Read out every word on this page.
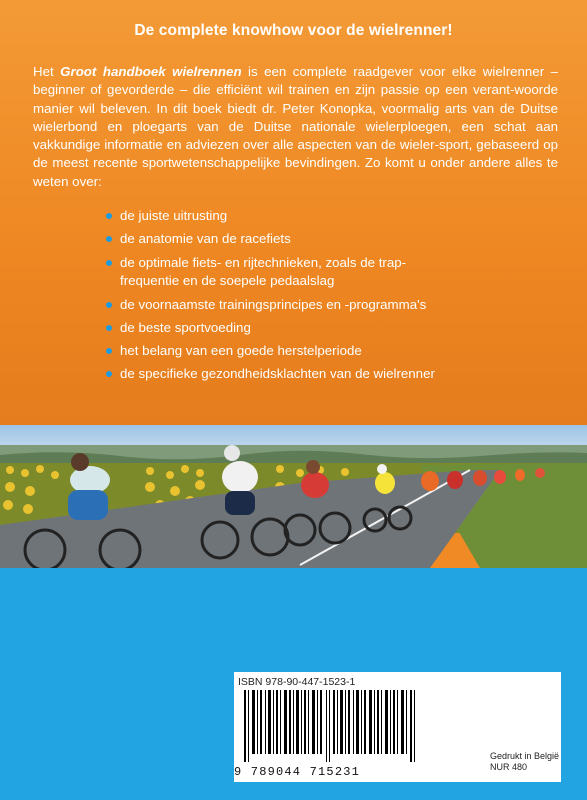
De complete knowhow voor de wielrenner!

Het Groot handboek wielrennen is een complete raadgever voor elke wielrenner – beginner of gevorderde – die efficiënt wil trainen en zijn passie op een verant-woorde manier wil beleven. In dit boek biedt dr. Peter Konopka, voormalig arts van de Duitse wielerbond en ploegarts van de Duitse nationale wielerploegen, een schat aan vakkundige informatie en adviezen over alle aspecten van de wieler-sport, gebaseerd op de meest recente sportwetenschappelijke bevindingen. Zo komt u onder andere alles te weten over:

de juiste uitrusting
de anatomie van de racefiets
de optimale fiets- en rijtechnieken, zoals de trap-
frequentie en de soepele pedaalslag
de voornaamste trainingsprincipes en -programma's
de beste sportvoeding
het belang van een goede herstelperiode
de specifieke gezondheidsklachten van de wielrenner
ISBN 978-90-447-1523-1
9 789044 715231
Gedrukt in België
NUR 480
